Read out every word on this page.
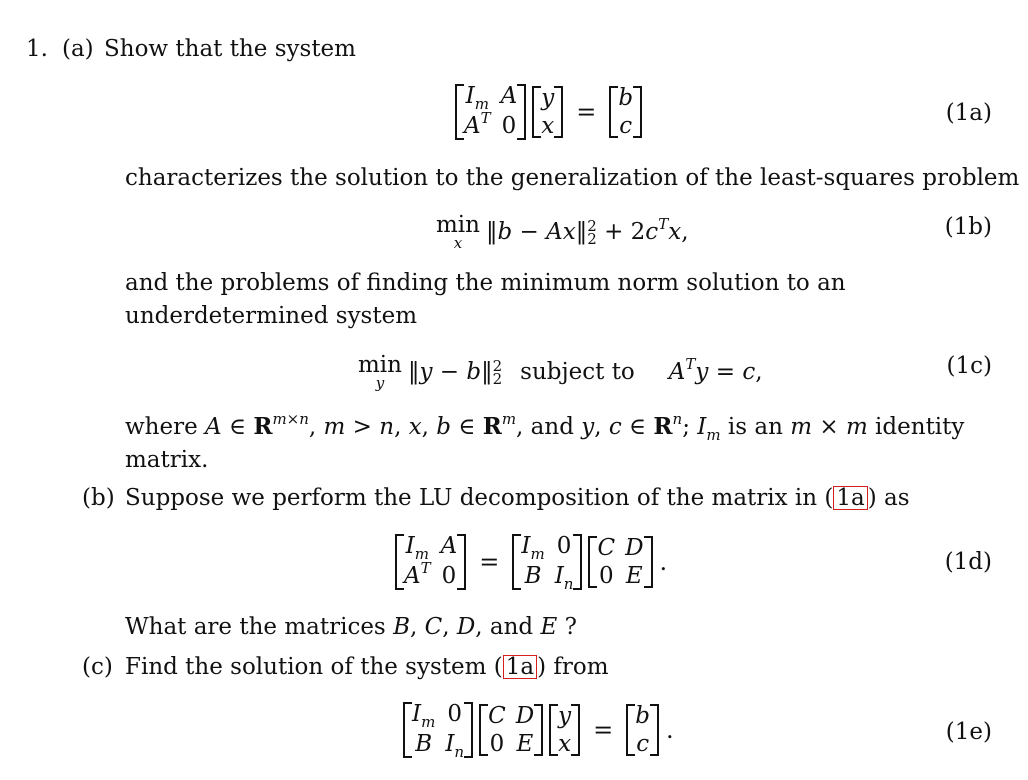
1. (a) Show that the system
$I_m$ A
$A^T$ 0
y
x = b
c	(1a)
characterizes the solution to the generalization of the least-squares problem
min
x ‖b − Ax‖ 2
$2 + 2c^Tx$,	(1b)
and the problems of finding the minimum norm solution to an
underdetermined system
min
y ‖y − b‖ 2
2 subject to $A^Ty = c$,	(1c)
where A ∈ $R^{m\times n}$, m > n, x, b ∈ $R^m$, and y, c ∈ $R^n$; $I_m$ is an m × m identity
matrix.
(b) Suppose we perform the LU decomposition of the matrix in ( 1a ) as
$I_m$ A
$A^T$ 0 =
$I_m$ 0
B $I_n$
C D
0 E .	(1d)
What are the matrices B, C, D, and E ?
(c) Find the solution of the system ( 1a ) from
$I_m$ 0
B $I_n$
C D
0 E
y
x = b
c .	(1e)
